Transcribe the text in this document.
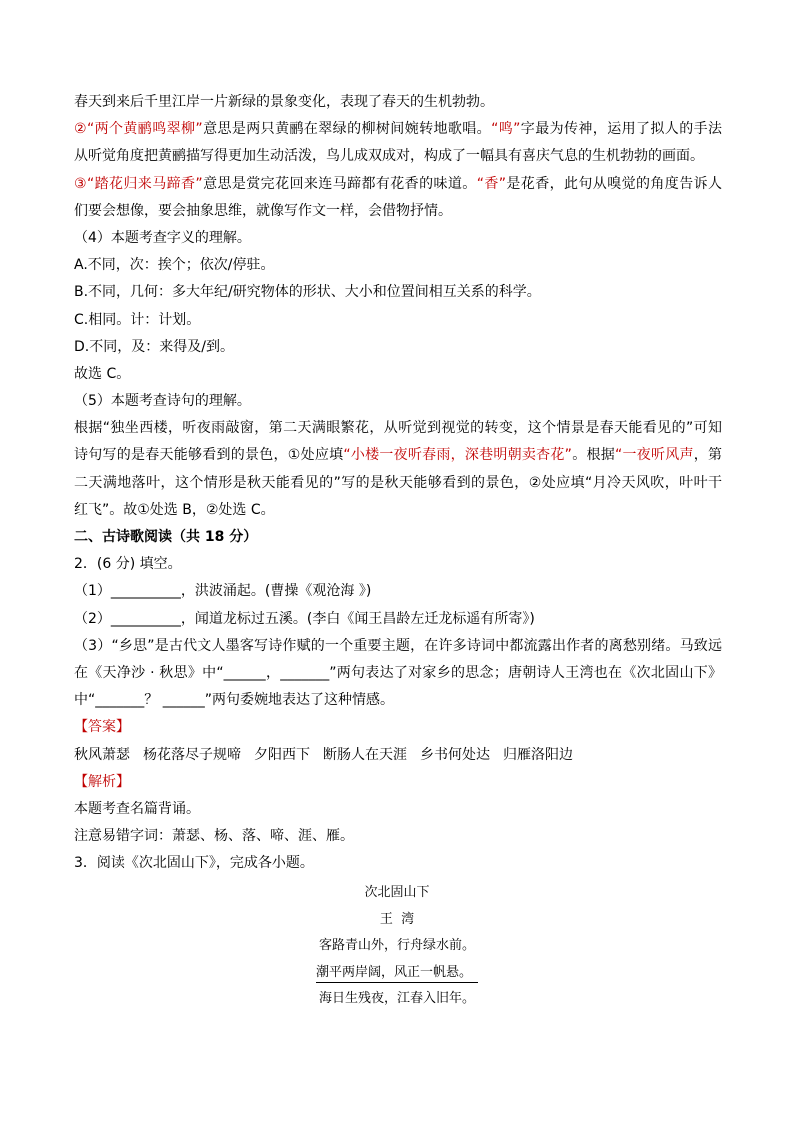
春天到来后千里江岸一片新绿的景象变化，表现了春天的生机勃勃。
②“两个黄鹂鸣翠柳”意思是两只黄鹂在翠绿的柳树间婉转地歌唱。“鸣”字最为传神，运用了拟人的手法
从听觉角度把黄鹂描写得更加生动活泼，鸟儿成双成对，构成了一幅具有喜庆气息的生机勃勃的画面。
③“踏花归来马蹄香”意思是赏完花回来连马蹄都有花香的味道。“香”是花香，此句从嗅觉的角度告诉人
们要会想像，要会抽象思维，就像写作文一样，会借物抒情。
（4）本题考查字义的理解。
A.不同，次：挨个；依次/停驻。
B.不同，几何：多大年纪/研究物体的形状、大小和位置间相互关系的科学。
C.相同。计：计划。
D.不同，及：来得及/到。
故选 C。
（5）本题考查诗句的理解。
根据“独坐西楼，听夜雨敲窗，第二天满眼繁花，从听觉到视觉的转变，这个情景是春天能看见的”可知
诗句写的是春天能够看到的景色，①处应填“小楼一夜听春雨，深巷明朝卖杏花”。根据“一夜听风声，第
二天满地落叶，这个情形是秋天能看见的”写的是秋天能够看到的景色，②处应填“月冷天风吹，叶叶干
红飞”。故①处选 B，②处选 C。
二、古诗歌阅读（共 18 分）
2．(6 分) 填空。
（1）__________，洪波涌起。(曹操《观沧海 》)
（2）__________，闻道龙标过五溪。(李白《闻王昌龄左迁龙标遥有所寄》)
（3）“乡思”是古代文人墨客写诗作赋的一个重要主题，在许多诗词中都流露出作者的离愁别绪。马致远
在《天净沙 · 秋思》中“______，_______”两句表达了对家乡的思念；唐朝诗人王湾也在《次北固山下》
中“_______？ ______”两句委婉地表达了这种情感。
【答案】
秋风萧瑟 杨花落尽子规啼 夕阳西下 断肠人在天涯 乡书何处达 归雁洛阳边
【解析】
本题考查名篇背诵。
注意易错字词：萧瑟、杨、落、啼、涯、雁。
3．阅读《次北固山下》，完成各小题。
次北固山下
王  湾
客路青山外，行舟绿水前。
潮平两岸阔，风正一帆悬。
海日生残夜，江春入旧年。
